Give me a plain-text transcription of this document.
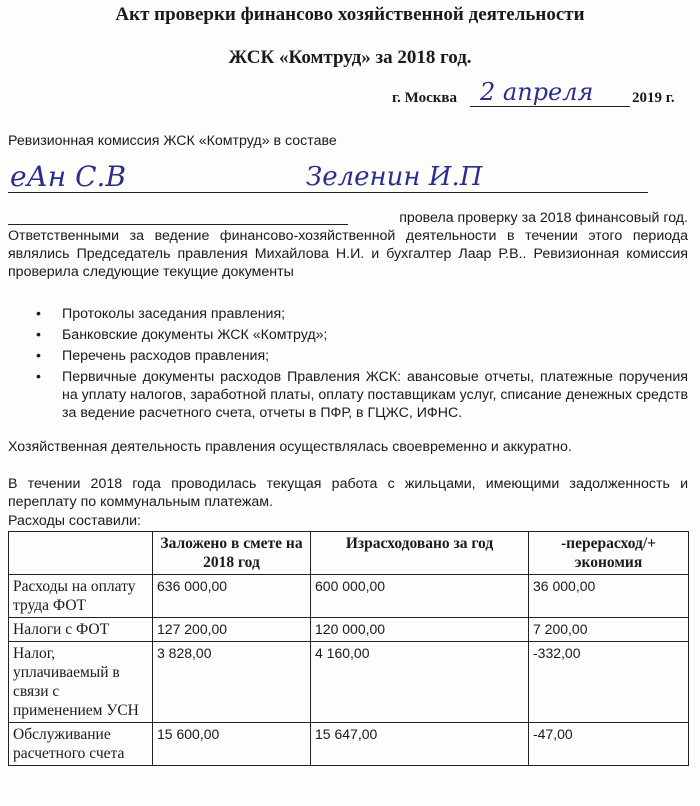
Акт проверки финансово хозяйственной деятельности
ЖСК «Комтруд» за 2018 год.
г. Москва 2 апреля	2019 г.
Ревизионная комиссия ЖСК «Комтруд» в составе
еАн С.В	Зеленин И.П
провела проверку за 2018 финансовый год.
Ответственными за ведение финансово-хозяйственной деятельности в течении этого периода являлись Председатель правления Михайлова Н.И. и бухгалтер Лаар Р.В.. Ревизионная комиссия проверила следующие текущие документы
• Протоколы заседания правления;
• Банковские документы ЖСК «Комтруд»;
• Перечень расходов правления;
• Первичные документы расходов Правления ЖСК: авансовые отчеты, платежные поручения на уплату налогов, заработной платы, оплату поставщикам услуг, списание денежных средств за ведение расчетного счета, отчеты в ПФР, в ГЦЖС, ИФНС.
Хозяйственная деятельность правления осуществлялась своевременно и аккуратно.
В течении 2018 года проводилась текущая работа с жильцами, имеющими задолженность и переплату по коммунальным платежам.
Расходы составили:
	Заложено в смете на 2018 год	Израсходовано за год	-перерасход/+ экономия
Расходы на оплату труда ФОТ	636 000,00	600 000,00	36 000,00
Налоги с ФОТ	127 200,00	120 000,00	7 200,00
Налог, уплачиваемый в связи с применением УСН	3 828,00	4 160,00	-332,00
Обслуживание расчетного счета	15 600,00	15 647,00	-47,00
